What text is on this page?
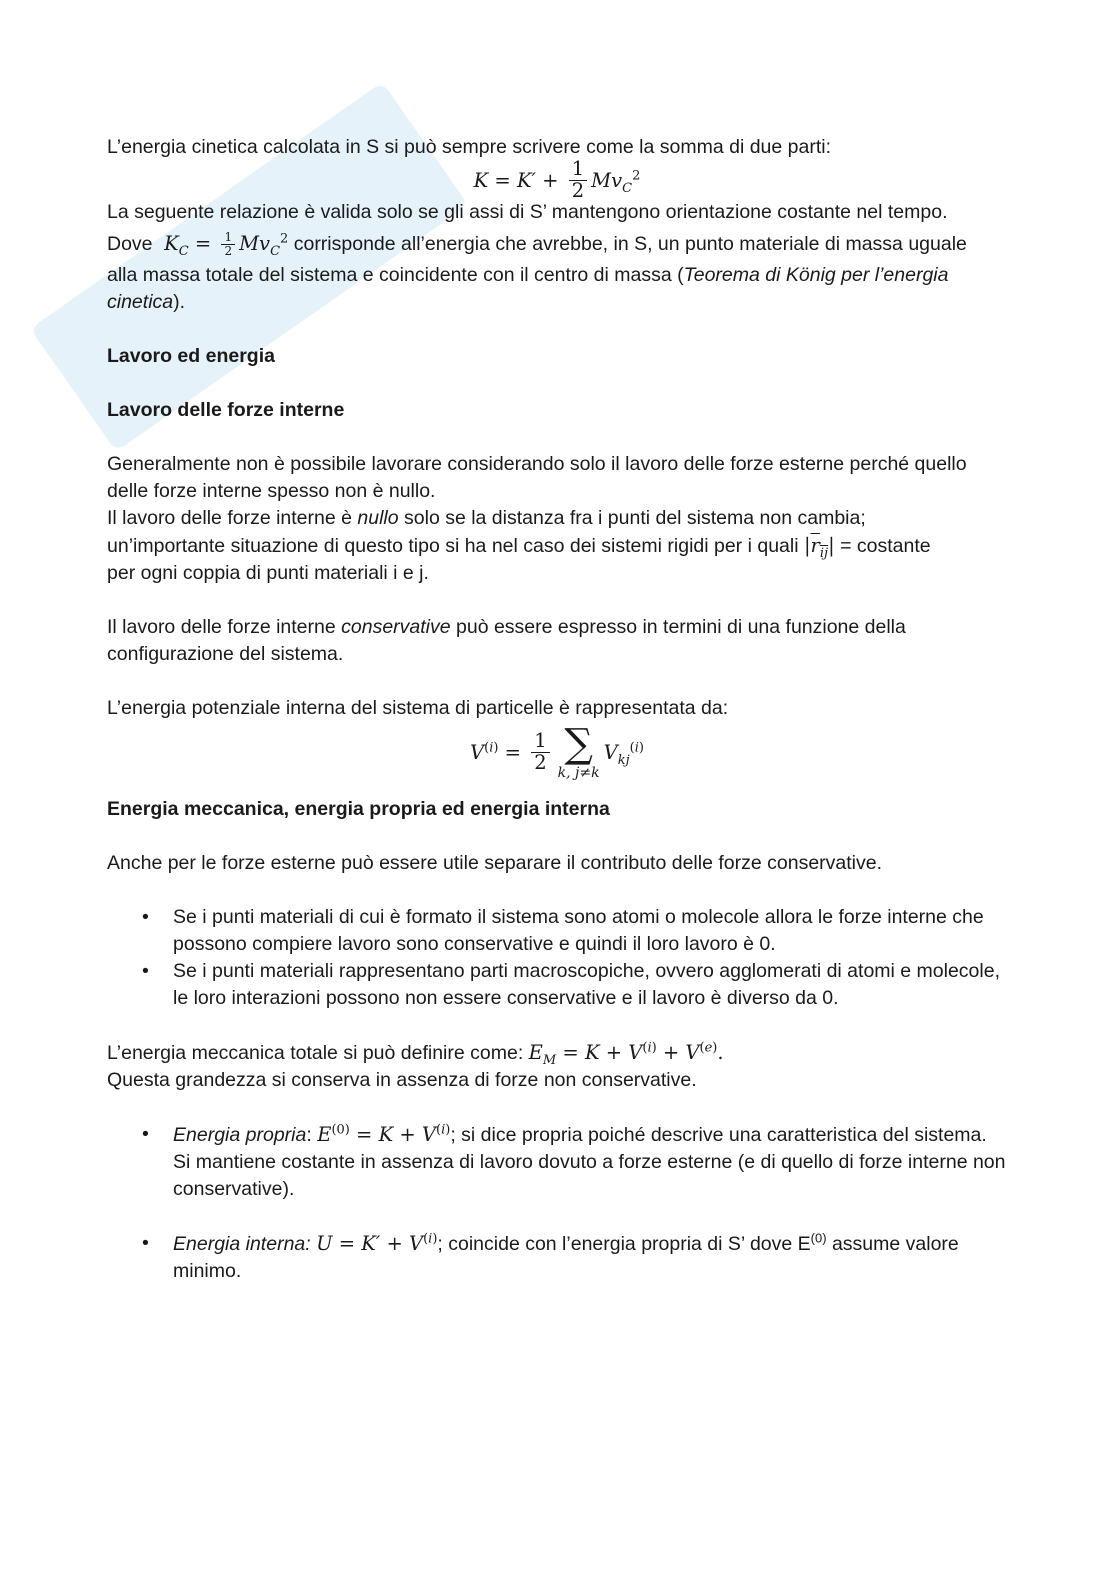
L’energia cinetica calcolata in S si può sempre scrivere come la somma di due parti:

$K = K' + \frac{1}{2} Mv_C^2$

La seguente relazione è valida solo se gli assi di S’ mantengono orientazione costante nel tempo.

Dove  $K_C = \frac{1}{2} Mv_C^2$ corrisponde all’energia che avrebbe, in S, un punto materiale di massa uguale

alla massa totale del sistema e coincidente con il centro di massa (Teorema di König per l’energia cinetica).

Lavoro ed energia

Lavoro delle forze interne

Generalmente non è possibile lavorare considerando solo il lavoro delle forze esterne perché quello delle forze interne spesso non è nullo.

Il lavoro delle forze interne è nullo solo se la distanza fra i punti del sistema non cambia;

un’importante situazione di questo tipo si ha nel caso dei sistemi rigidi per i quali $|r_{ij}|$ = costante

per ogni coppia di punti materiali i e j.

Il lavoro delle forze interne conservative può essere espresso in termini di una funzione della configurazione del sistema.

L’energia potenziale interna del sistema di particelle è rappresentata da:

$V^{(i)} = \frac{1}{2}$ ∑
k, j≠k
$V_{kj}^{(i)}$

Energia meccanica, energia propria ed energia interna

Anche per le forze esterne può essere utile separare il contributo delle forze conservative.

• Se i punti materiali di cui è formato il sistema sono atomi o molecole allora le forze interne che possono compiere lavoro sono conservative e quindi il loro lavoro è 0.
• Se i punti materiali rappresentano parti macroscopiche, ovvero agglomerati di atomi e molecole, le loro interazioni possono non essere conservative e il lavoro è diverso da 0.

L’energia meccanica totale si può definire come: $E_M = K + V^{(i)} + V^{(e)}$.

Questa grandezza si conserva in assenza di forze non conservative.

• Energia propria: $E^{(0)} = K + V^{(i)}$; si dice propria poiché descrive una caratteristica del sistema.
Si mantiene costante in assenza di lavoro dovuto a forze esterne (e di quello di forze interne non conservative).
• Energia interna: $U = K' + V^{(i)}$; coincide con l’energia propria di S’ dove $E^{(0)}$ assume valore minimo.
